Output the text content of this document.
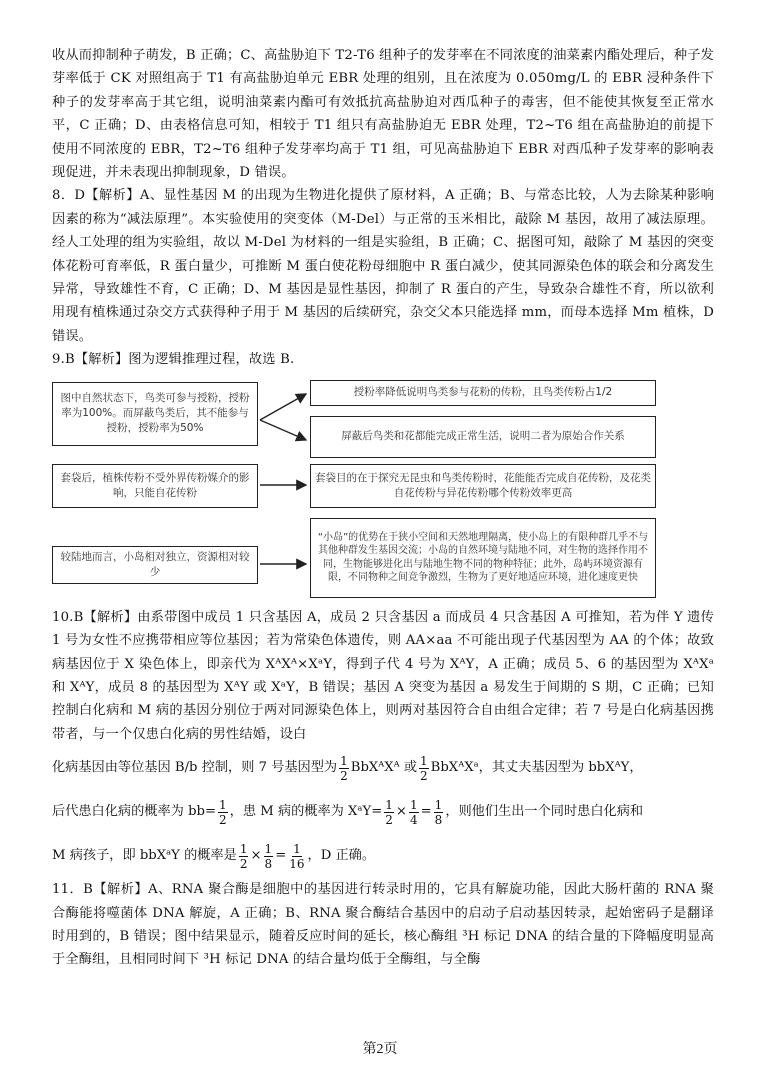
收从而抑制种子萌发，B 正确；C、高盐胁迫下 T2-T6 组种子的发芽率在不同浓度的油菜素内酯处理后，种子发芽率低于 CK 对照组高于 T1 有高盐胁迫单元 EBR 处理的组别，且在浓度为 0.050mg/L 的 EBR 浸种条件下种子的发芽率高于其它组，说明油菜素内酯可有效抵抗高盐胁迫对西瓜种子的毒害，但不能使其恢复至正常水平，C 正确；D、由表格信息可知，相较于 T1 组只有高盐胁迫无 EBR 处理，T2~T6 组在高盐胁迫的前提下使用不同浓度的 EBR，T2~T6 组种子发芽率均高于 T1 组，可见高盐胁迫下 EBR 对西瓜种子发芽率的影响表现促进，并未表现出抑制现象，D 错误。

8．D【解析】A、显性基因 M 的出现为生物进化提供了原材料，A 正确；B、与常态比较，人为去除某种影响因素的称为“减法原理”。本实验使用的突变体（M-Del）与正常的玉米相比，敲除 M 基因，故用了减法原理。经人工处理的组为实验组，故以 M-Del 为材料的一组是实验组，B 正确；C、据图可知，敲除了 M 基因的突变体花粉可育率低，R 蛋白量少，可推断 M 蛋白使花粉母细胞中 R 蛋白减少，使其同源染色体的联会和分离发生异常，导致雄性不育，C 正确；D、M 基因是显性基因，抑制了 R 蛋白的产生，导致杂合雄性不育，所以欲利用现有植株通过杂交方式获得种子用于 M 基因的后续研究，杂交父本只能选择 mm，而母本选择 Mm 植株，D 错误。

9.B【解析】图为逻辑推理过程，故选 B.

图中自然状态下，鸟类可参与授粉，授粉率为100%。而屏蔽鸟类后，其不能参与授粉，授粉率为50%
套袋后，植株传粉不受外界传粉媒介的影响，只能自花传粉
较陆地而言，小岛相对独立，资源相对较少
授粉率降低说明鸟类参与花粉的传粉，且鸟类传粉占1/2
屏蔽后鸟类和花都能完成正常生活，说明二者为原始合作关系
套袋目的在于探究无昆虫和鸟类传粉时，花能能否完成自花传粉，及花类自花传粉与异花传粉哪个传粉效率更高
“小岛”的优势在于狭小空间和天然地理隔离，使小岛上的有限种群几乎不与其他种群发生基因交流；小岛的自然环境与陆地不同，对生物的选择作用不同，生物能够进化出与陆地生物不同的物种特征；此外，岛屿环境资源有限，不同物种之间竞争激烈，生物为了更好地适应环境，进化速度更快

10.B【解析】由系带图中成员 1 只含基因 A，成员 2 只含基因 a 而成员 4 只含基因 A 可推知，若为伴 Y 遗传 1 号为女性不应携带相应等位基因；若为常染色体遗传，则 AA×aa 不可能出现子代基因型为 AA 的个体；故致病基因位于 X 染色体上，即亲代为 XᴬXᴬ×XᵃY，得到子代 4 号为 XᴬY，A 正确；成员 5、6 的基因型为 XᴬXᵃ 和 XᴬY，成员 8 的基因型为 XᴬY 或 XᵃY，B 错误；基因 A 突变为基因 a 易发生于间期的 S 期，C 正确；已知控制白化病和 M 病的基因分别位于两对同源染色体上，则两对基因符合自由组合定律；若 7 号是白化病基因携带者，与一个仅患白化病的男性结婚，设白

化病基因由等位基因 B/b 控制，则 7 号基因型为 $\frac{1}{2}$ BbXᴬXᴬ 或 $\frac{1}{2}$ BbXᴬXᵃ，其丈夫基因型为 bbXᴬY，
后代患白化病的概率为 $bb= \frac{1}{2}$ ，患 M 病的概率为 XᵃY= $\frac{1}{2} \times \frac{1}{4} = \frac{1}{8}$ ，则他们生出一个同时患白化病和
M 病孩子，即 bbXᵃY 的概率是 $\frac{1}{2} \times \frac{1}{8} = \frac{1}{16}$ ，D 正确。

11．B【解析】A、RNA 聚合酶是细胞中的基因进行转录时用的，它具有解旋功能，因此大肠杆菌的 RNA 聚合酶能将噬菌体 DNA 解旋，A 正确；B、RNA 聚合酶结合基因中的启动子启动基因转录，起始密码子是翻译时用到的，B 错误；图中结果显示，随着反应时间的延长，核心酶组 ³H 标记 DNA 的结合量的下降幅度明显高于全酶组，且相同时间下 ³H 标记 DNA 的结合量均低于全酶组，与全酶

第2页
